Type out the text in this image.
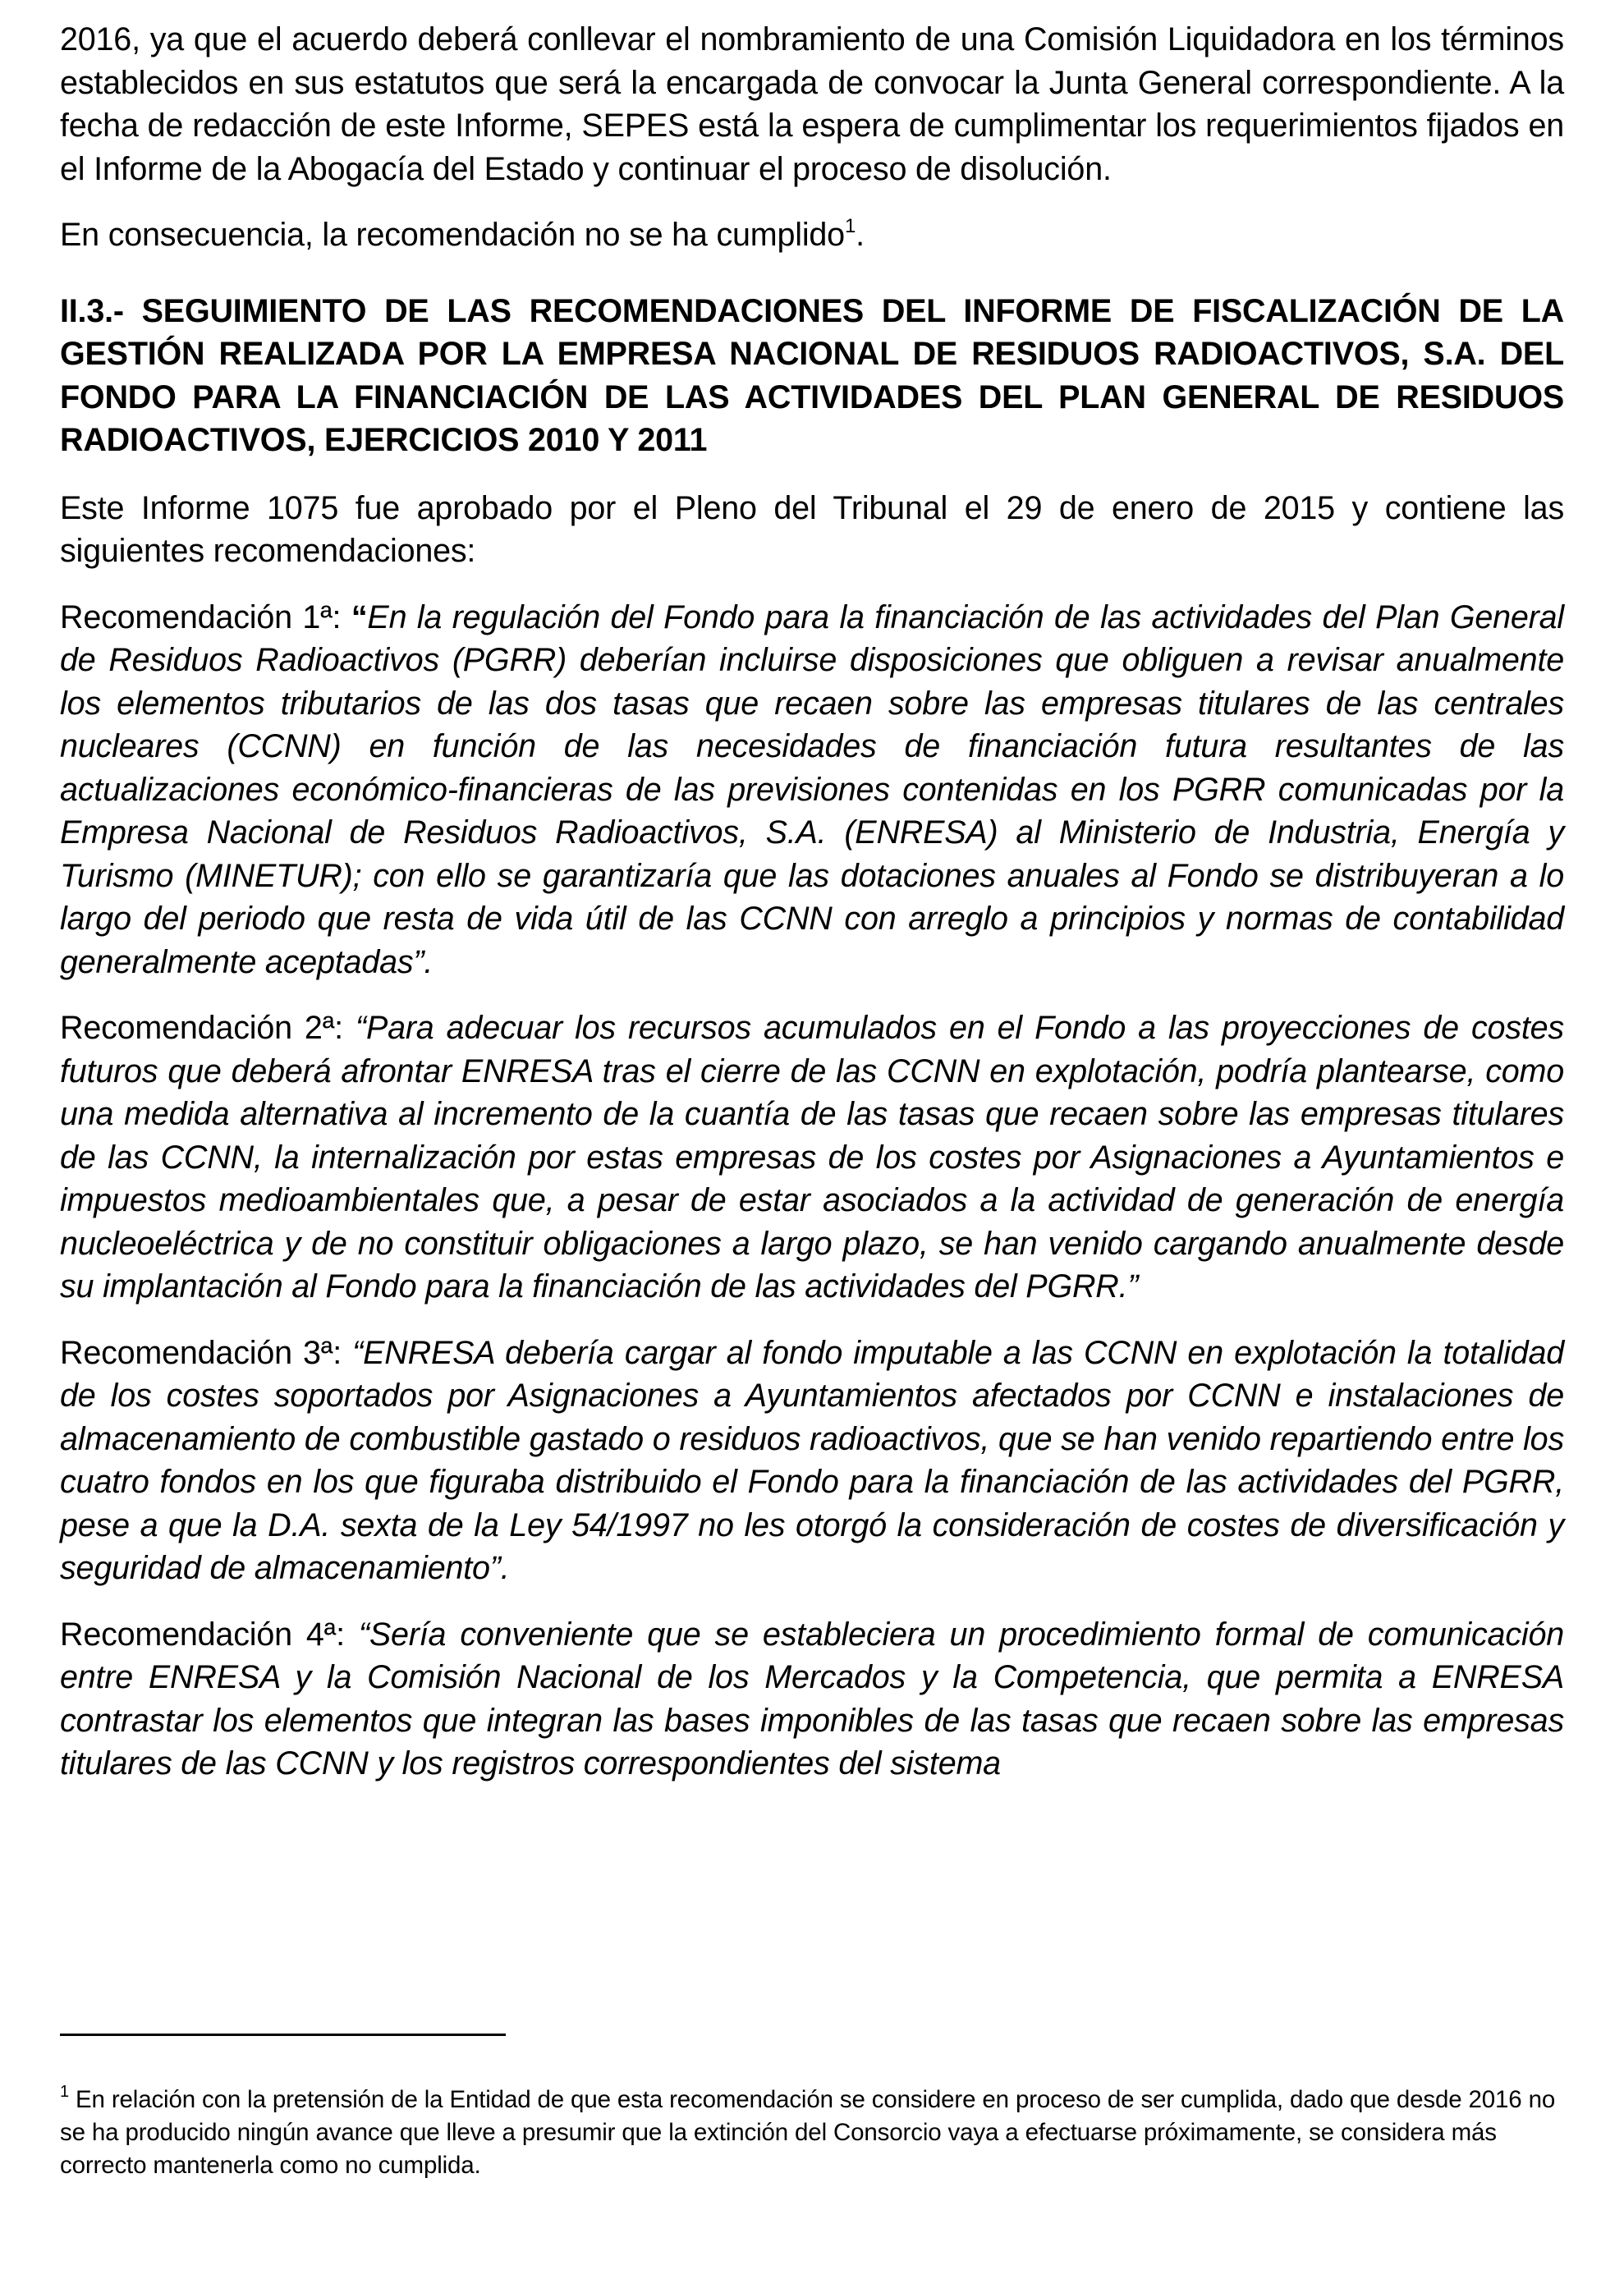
2016, ya que el acuerdo deberá conllevar el nombramiento de una Comisión Liquidadora en los términos establecidos en sus estatutos que será la encargada de convocar la Junta General correspondiente. A la fecha de redacción de este Informe, SEPES está la espera de cumplimentar los requerimientos fijados en el Informe de la Abogacía del Estado y continuar el proceso de disolución.

En consecuencia, la recomendación no se ha cumplido$^1$.

II.3.- SEGUIMIENTO DE LAS RECOMENDACIONES DEL INFORME DE FISCALIZACIÓN DE LA GESTIÓN REALIZADA POR LA EMPRESA NACIONAL DE RESIDUOS RADIOACTIVOS, S.A. DEL FONDO PARA LA FINANCIACIÓN DE LAS ACTIVIDADES DEL PLAN GENERAL DE RESIDUOS RADIOACTIVOS, EJERCICIOS 2010 Y 2011

Este Informe 1075 fue aprobado por el Pleno del Tribunal el 29 de enero de 2015 y contiene las siguientes recomendaciones:

Recomendación 1ª: “En la regulación del Fondo para la financiación de las actividades del Plan General de Residuos Radioactivos (PGRR) deberían incluirse disposiciones que obliguen a revisar anualmente los elementos tributarios de las dos tasas que recaen sobre las empresas titulares de las centrales nucleares (CCNN) en función de las necesidades de financiación futura resultantes de las actualizaciones económico-financieras de las previsiones contenidas en los PGRR comunicadas por la Empresa Nacional de Residuos Radioactivos, S.A. (ENRESA) al Ministerio de Industria, Energía y Turismo (MINETUR); con ello se garantizaría que las dotaciones anuales al Fondo se distribuyeran a lo largo del periodo que resta de vida útil de las CCNN con arreglo a principios y normas de contabilidad generalmente aceptadas”.

Recomendación 2ª: “Para adecuar los recursos acumulados en el Fondo a las proyecciones de costes futuros que deberá afrontar ENRESA tras el cierre de las CCNN en explotación, podría plantearse, como una medida alternativa al incremento de la cuantía de las tasas que recaen sobre las empresas titulares de las CCNN, la internalización por estas empresas de los costes por Asignaciones a Ayuntamientos e impuestos medioambientales que, a pesar de estar asociados a la actividad de generación de energía nucleoeléctrica y de no constituir obligaciones a largo plazo, se han venido cargando anualmente desde su implantación al Fondo para la financiación de las actividades del PGRR.”

Recomendación 3ª: “ENRESA debería cargar al fondo imputable a las CCNN en explotación la totalidad de los costes soportados por Asignaciones a Ayuntamientos afectados por CCNN e instalaciones de almacenamiento de combustible gastado o residuos radioactivos, que se han venido repartiendo entre los cuatro fondos en los que figuraba distribuido el Fondo para la financiación de las actividades del PGRR, pese a que la D.A. sexta de la Ley 54/1997 no les otorgó la consideración de costes de diversificación y seguridad de almacenamiento”.

Recomendación 4ª: “Sería conveniente que se estableciera un procedimiento formal de comunicación entre ENRESA y la Comisión Nacional de los Mercados y la Competencia, que permita a ENRESA contrastar los elementos que integran las bases imponibles de las tasas que recaen sobre las empresas titulares de las CCNN y los registros correspondientes del sistema

$^1$ En relación con la pretensión de la Entidad de que esta recomendación se considere en proceso de ser cumplida, dado que desde 2016 no se ha producido ningún avance que lleve a presumir que la extinción del Consorcio vaya a efectuarse próximamente, se considera más correcto mantenerla como no cumplida.
